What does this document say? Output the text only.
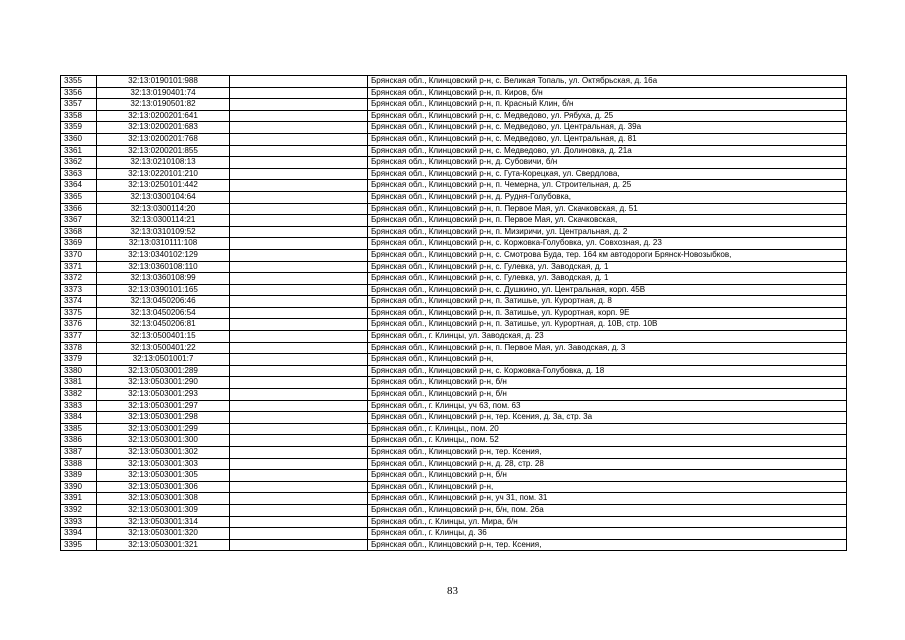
3355	32:13:0190101:988		Брянская обл., Клинцовский р-н, с. Великая Топаль, ул. Октябрьская, д. 16а
3356	32:13:0190401:74		Брянская обл., Клинцовский р-н, п. Киров, б/н
3357	32:13:0190501:82		Брянская обл., Клинцовский р-н, п. Красный Клин, б/н
3358	32:13:0200201:641		Брянская обл., Клинцовский р-н, с. Медведово, ул. Рябуха, д. 25
3359	32:13:0200201:683		Брянская обл., Клинцовский р-н, с. Медведово, ул. Центральная, д. 39а
3360	32:13:0200201:768		Брянская обл., Клинцовский р-н, с. Медведово, ул. Центральная, д. 81
3361	32:13:0200201:855		Брянская обл., Клинцовский р-н, с. Медведово, ул. Долиновка, д. 21а
3362	32:13:0210108:13		Брянская обл., Клинцовский р-н, д. Субовичи, б/н
3363	32:13:0220101:210		Брянская обл., Клинцовский р-н, с. Гута-Корецкая, ул. Свердлова,
3364	32:13:0250101:442		Брянская обл., Клинцовский р-н, п. Чемерна, ул. Строительная, д. 25
3365	32:13:0300104:64		Брянская обл., Клинцовский р-н, д. Рудня-Голубовка,
3366	32:13:0300114:20		Брянская обл., Клинцовский р-н, п. Первое Мая, ул. Скачковская, д. 51
3367	32:13:0300114:21		Брянская обл., Клинцовский р-н, п. Первое Мая, ул. Скачковская,
3368	32:13:0310109:52		Брянская обл., Клинцовский р-н, п. Мизиричи, ул. Центральная, д. 2
3369	32:13:0310111:108		Брянская обл., Клинцовский р-н, с. Коржовка-Голубовка, ул. Совхозная, д. 23
3370	32:13:0340102:129		Брянская обл., Клинцовский р-н, с. Смотрова Буда, тер. 164 км автодороги Брянск-Новозыбков,
3371	32:13:0360108:110		Брянская обл., Клинцовский р-н, с. Гулевка, ул. Заводская, д. 1
3372	32:13:0360108:99		Брянская обл., Клинцовский р-н, с. Гулевка, ул. Заводская, д. 1
3373	32:13:0390101:165		Брянская обл., Клинцовский р-н, с. Душкино, ул. Центральная, корп. 45В
3374	32:13:0450206:46		Брянская обл., Клинцовский р-н, п. Затишье, ул. Курортная, д. 8
3375	32:13:0450206:54		Брянская обл., Клинцовский р-н, п. Затишье, ул. Курортная, корп. 9Е
3376	32:13:0450206:81		Брянская обл., Клинцовский р-н, п. Затишье, ул. Курортная, д. 10В, стр. 10В
3377	32:13:0500401:15		Брянская обл., г. Клинцы, ул. Заводская, д. 23
3378	32:13:0500401:22		Брянская обл., Клинцовский р-н, п. Первое Мая, ул. Заводская, д. 3
3379	32:13:0501001:7		Брянская обл., Клинцовский р-н,
3380	32:13:0503001:289		Брянская обл., Клинцовский р-н, с. Коржовка-Голубовка, д. 18
3381	32:13:0503001:290		Брянская обл., Клинцовский р-н, б/н
3382	32:13:0503001:293		Брянская обл., Клинцовский р-н, б/н
3383	32:13:0503001:297		Брянская обл., г. Клинцы, уч 63, пом. 63
3384	32:13:0503001:298		Брянская обл., Клинцовский р-н, тер. Ксения, д. 3а, стр. 3а
3385	32:13:0503001:299		Брянская обл., г. Клинцы,, пом. 20
3386	32:13:0503001:300		Брянская обл., г. Клинцы,, пом. 52
3387	32:13:0503001:302		Брянская обл., Клинцовский р-н, тер. Ксения,
3388	32:13:0503001:303		Брянская обл., Клинцовский р-н, д. 28, стр. 28
3389	32:13:0503001:305		Брянская обл., Клинцовский р-н, б/н
3390	32:13:0503001:306		Брянская обл., Клинцовский р-н,
3391	32:13:0503001:308		Брянская обл., Клинцовский р-н, уч 31, пом. 31
3392	32:13:0503001:309		Брянская обл., Клинцовский р-н, б/н, пом. 26а
3393	32:13:0503001:314		Брянская обл., г. Клинцы, ул. Мира, б/н
3394	32:13:0503001:320		Брянская обл., г. Клинцы, д. 36
3395	32:13:0503001:321		Брянская обл., Клинцовский р-н, тер. Ксения,
83
